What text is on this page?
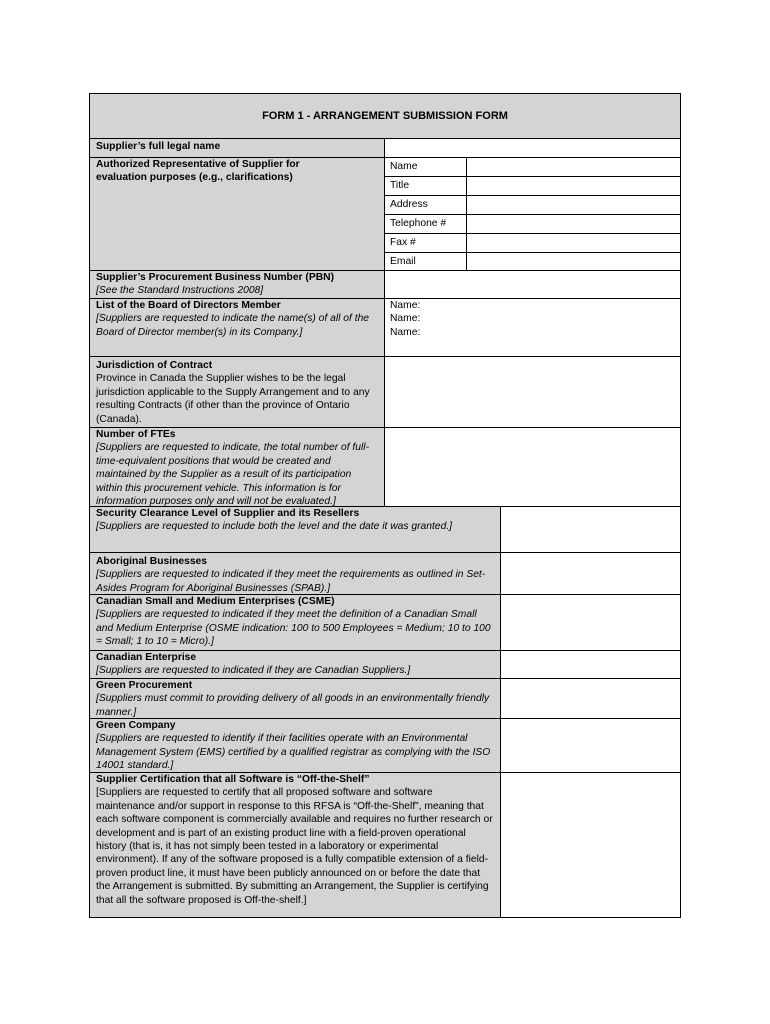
FORM 1 - ARRANGEMENT SUBMISSION FORM
Supplier’s full legal name
Authorized Representative of Supplier for evaluation purposes (e.g., clarifications)
Name
Title
Address
Telephone #
Fax #
Email
Supplier’s Procurement Business Number (PBN)
[See the Standard Instructions 2008]
List of the Board of Directors Member
[Suppliers are requested to indicate the name(s) of all of the Board of Director member(s) in its Company.]
Name:
Name:
Name:
Jurisdiction of Contract
Province in Canada the Supplier wishes to be the legal jurisdiction applicable to the Supply Arrangement and to any resulting Contracts (if other than the province of Ontario (Canada).
Number of FTEs
[Suppliers are requested to indicate, the total number of full-time-equivalent positions that would be created and maintained by the Supplier as a result of its participation within this procurement vehicle. This information is for information purposes only and will not be evaluated.]
Security Clearance Level of Supplier and its Resellers
[Suppliers are requested to include both the level and the date it was granted.]
Aboriginal Businesses
[Suppliers are requested to indicated if they meet the requirements as outlined in Set-Asides Program for Aboriginal Businesses (SPAB).]
Canadian Small and Medium Enterprises (CSME)
[Suppliers are requested to indicated if they meet the definition of a Canadian Small and Medium Enterprise (OSME indication: 100 to 500 Employees = Medium; 10 to 100 = Small; 1 to 10 = Micro).]
Canadian Enterprise
[Suppliers are requested to indicated if they are Canadian Suppliers.]
Green Procurement
[Suppliers must commit to providing delivery of all goods in an environmentally friendly manner.]
Green Company
[Suppliers are requested to identify if their facilities operate with an Environmental Management System (EMS) certified by a qualified registrar as complying with the ISO 14001 standard.]
Supplier Certification that all Software is “Off-the-Shelf”
[Suppliers are requested to certify that all proposed software and software maintenance and/or support in response to this RFSA is “Off-the-Shelf”, meaning that each software component is commercially available and requires no further research or development and is part of an existing product line with a field-proven operational history (that is, it has not simply been tested in a laboratory or experimental environment). If any of the software proposed is a fully compatible extension of a field-proven product line, it must have been publicly announced on or before the date that the Arrangement is submitted. By submitting an Arrangement, the Supplier is certifying that all the software proposed is Off-the-shelf.]
